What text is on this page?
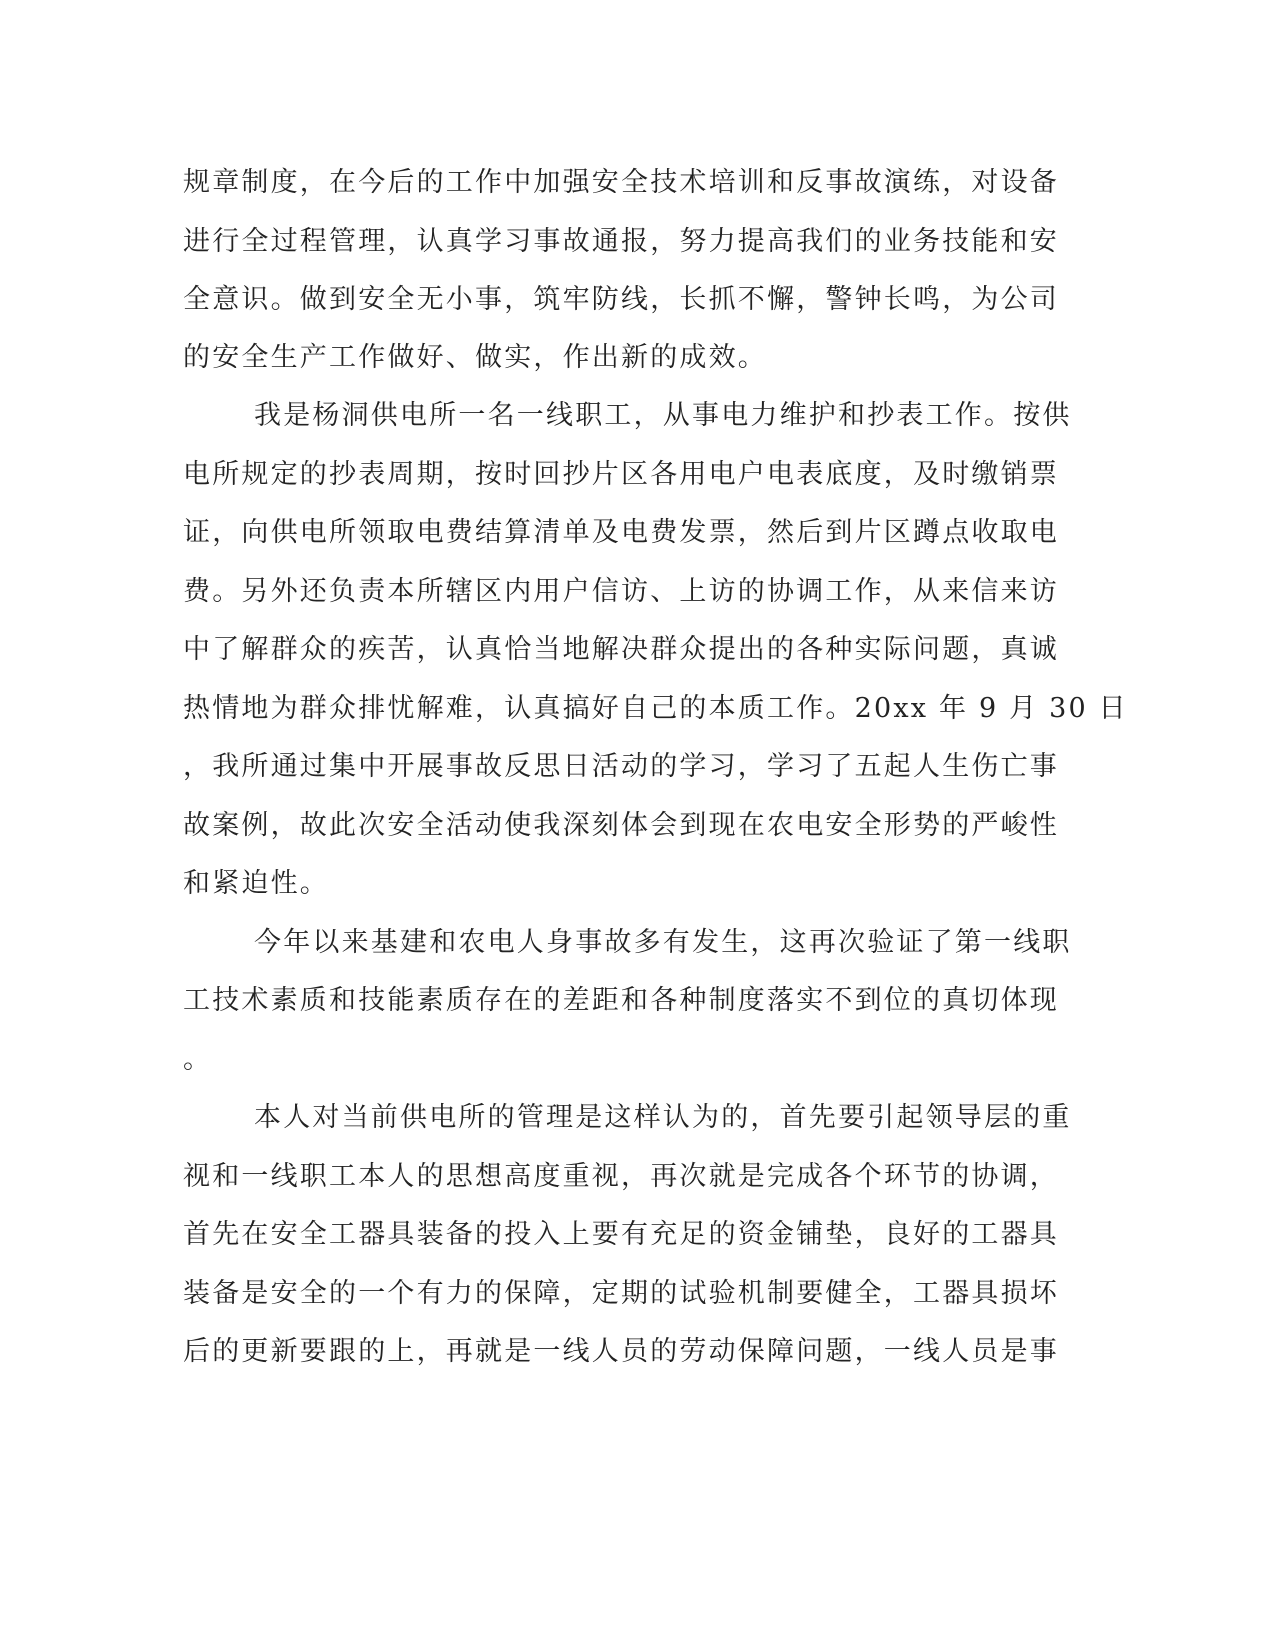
规章制度，在今后的工作中加强安全技术培训和反事故演练，对设备
进行全过程管理，认真学习事故通报，努力提高我们的业务技能和安
全意识。做到安全无小事，筑牢防线，长抓不懈，警钟长鸣，为公司
的安全生产工作做好、做实，作出新的成效。
我是杨洞供电所一名一线职工，从事电力维护和抄表工作。按供
电所规定的抄表周期，按时回抄片区各用电户电表底度，及时缴销票
证，向供电所领取电费结算清单及电费发票，然后到片区蹲点收取电
费。另外还负责本所辖区内用户信访、上访的协调工作，从来信来访
中了解群众的疾苦，认真恰当地解决群众提出的各种实际问题，真诚
热情地为群众排忧解难，认真搞好自己的本质工作。20xx 年 9 月 30 日
，我所通过集中开展事故反思日活动的学习，学习了五起人生伤亡事
故案例，故此次安全活动使我深刻体会到现在农电安全形势的严峻性
和紧迫性。
今年以来基建和农电人身事故多有发生，这再次验证了第一线职
工技术素质和技能素质存在的差距和各种制度落实不到位的真切体现
。
本人对当前供电所的管理是这样认为的，首先要引起领导层的重
视和一线职工本人的思想高度重视，再次就是完成各个环节的协调，
首先在安全工器具装备的投入上要有充足的资金铺垫，良好的工器具
装备是安全的一个有力的保障，定期的试验机制要健全，工器具损坏
后的更新要跟的上，再就是一线人员的劳动保障问题，一线人员是事
